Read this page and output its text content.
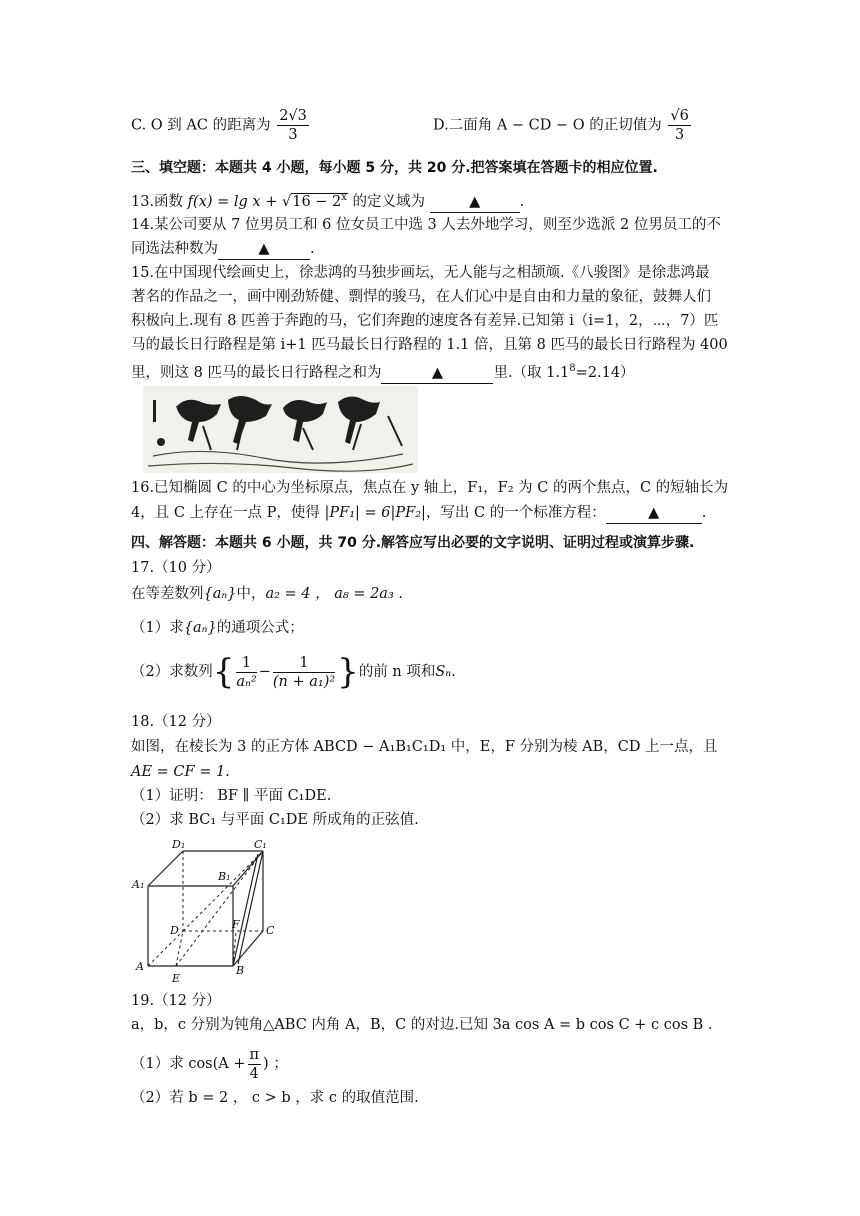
C. O 到 AC 的距离为 $\frac{2√3}{3}$	D.二面角 A − CD − O 的正切值为 $\frac{√6}{3}$
三、填空题：本题共 4 小题，每小题 5 分，共 20 分.把答案填在答题卡的相应位置.
13.函数 $f(x) = \lg x + √16 - 2^x$ 的定义域为	▲	.
14.某公司要从 7 位男员工和 6 位女员工中选 3 人去外地学习，则至少选派 2 位男员工的不
同选法种数为	▲	.
15.在中国现代绘画史上，徐悲鸿的马独步画坛，无人能与之相颉颃.《八骏图》是徐悲鸿最
著名的作品之一，画中刚劲矫健、剽悍的骏马，在人们心中是自由和力量的象征，鼓舞人们
积极向上.现有 8 匹善于奔跑的马，它们奔跑的速度各有差异.已知第 i（i=1，2，⋯，7）匹
马的最长日行路程是第 i+1 匹马最长日行路程的 1.1 倍，且第 8 匹马的最长日行路程为 400
里，则这 8 匹马的最长日行路程之和为	▲	里.（取 $1.1^8=2.14$）
16.已知椭圆 C 的中心为坐标原点，焦点在 y 轴上，F₁，F₂ 为 C 的两个焦点，C 的短轴长为
4，且 C 上存在一点 P，使得 |PF₁| = 6|PF₂|，写出 C 的一个标准方程：	▲	.
四、解答题：本题共 6 小题，共 70 分.解答应写出必要的文字说明、证明过程或演算步骤.
17.（10 分）
在等差数列{aₙ}中，a₂ = 4 ， a₈ = 2a₃ .
（1）求{aₙ}的通项公式；
（2）求数列{ $\frac{1}{\text{aₙ²}} - \frac{1}{\text{(n + a₁)²}}$ }的前 n 项和Sₙ.
18.（12 分）
如图，在棱长为 3 的正方体 ABCD − A₁B₁C₁D₁ 中，E，F 分别为棱 AB，CD 上一点，且
AE = CF = 1.
（1）证明： BF ∥ 平面 C₁DE.
（2）求 BC₁ 与平面 C₁DE 所成角的正弦值.
D₁	C₁
A₁
B₁
D	F C
A	B
E
19.（12 分）
a，b，c 分别为钝角△ABC 内角 A，B，C 的对边.已知 3a cos A = b cos C + c cos B .
（1）求 $\cos(A + \frac{\pi}{4}$ ) ；
（2）若 b = 2 ， c > b ，求 c 的取值范围.
